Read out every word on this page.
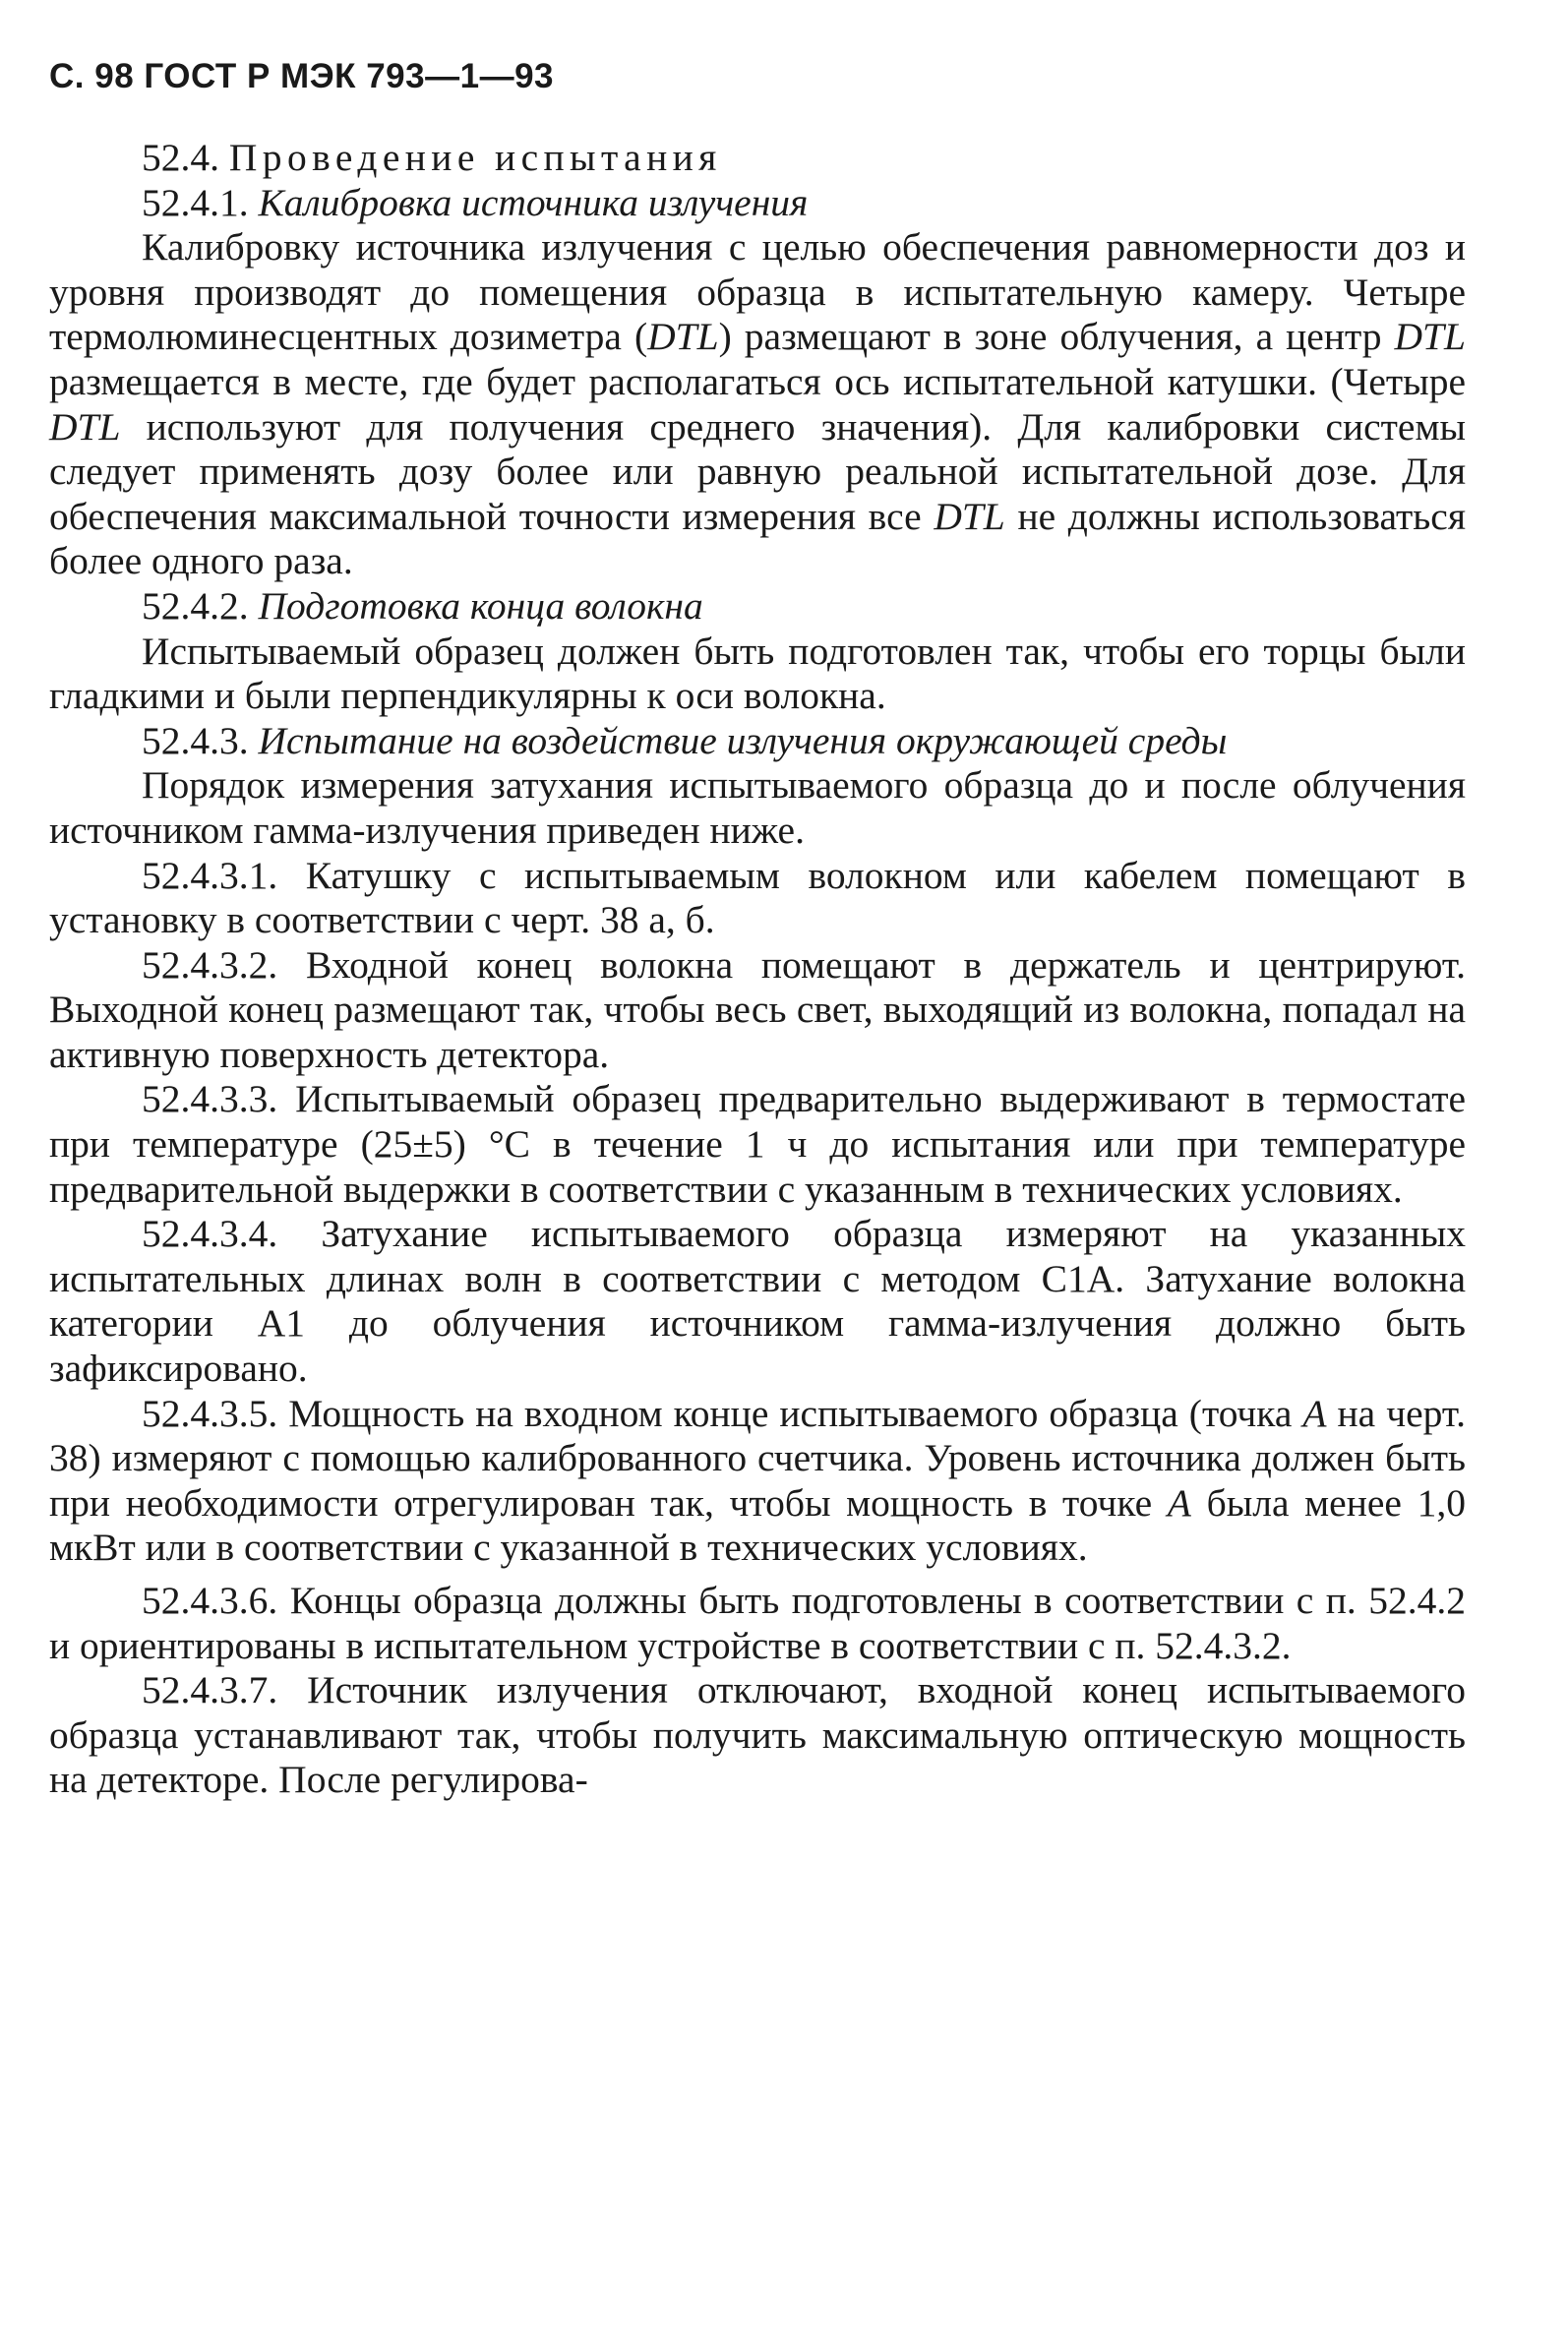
С. 98 ГОСТ Р МЭК 793—1—93

52.4. Проведение испытания

52.4.1. Калибровка источника излучения

Калибровку источника излучения с целью обеспечения равномерности доз и уровня производят до помещения образца в испытательную камеру. Четыре термолюминесцентных дозиметра (DTL) размещают в зоне облучения, а центр DTL размещается в месте, где будет располагаться ось испытательной катушки. (Четыре DTL используют для получения среднего значения). Для калибровки системы следует применять дозу более или равную реальной испытательной дозе. Для обеспечения максимальной точности измерения все DTL не должны использоваться более одного раза.

52.4.2. Подготовка конца волокна

Испытываемый образец должен быть подготовлен так, чтобы его торцы были гладкими и были перпендикулярны к оси волокна.

52.4.3. Испытание на воздействие излучения окружающей среды

Порядок измерения затухания испытываемого образца до и после облучения источником гамма-излучения приведен ниже.

52.4.3.1. Катушку с испытываемым волокном или кабелем помещают в установку в соответствии с черт. 38 а, б.

52.4.3.2. Входной конец волокна помещают в держатель и центрируют. Выходной конец размещают так, чтобы весь свет, выходящий из волокна, попадал на активную поверхность детектора.

52.4.3.3. Испытываемый образец предварительно выдерживают в термостате при температуре (25±5) °С в течение 1 ч до испытания или при температуре предварительной выдержки в соответствии с указанным в технических условиях.

52.4.3.4. Затухание испытываемого образца измеряют на указанных испытательных длинах волн в соответствии с методом С1А. Затухание волокна категории А1 до облучения источником гамма-излучения должно быть зафиксировано.

52.4.3.5. Мощность на входном конце испытываемого образца (точка А на черт. 38) измеряют с помощью калиброванного счетчика. Уровень источника должен быть при необходимости отрегулирован так, чтобы мощность в точке А была менее 1,0 мкВт или в соответствии с указанной в технических условиях.

52.4.3.6. Концы образца должны быть подготовлены в соответствии с п. 52.4.2 и ориентированы в испытательном устройстве в соответствии с п. 52.4.3.2.

52.4.3.7. Источник излучения отключают, входной конец испытываемого образца устанавливают так, чтобы получить максимальную оптическую мощность на детекторе. После регулирова-
